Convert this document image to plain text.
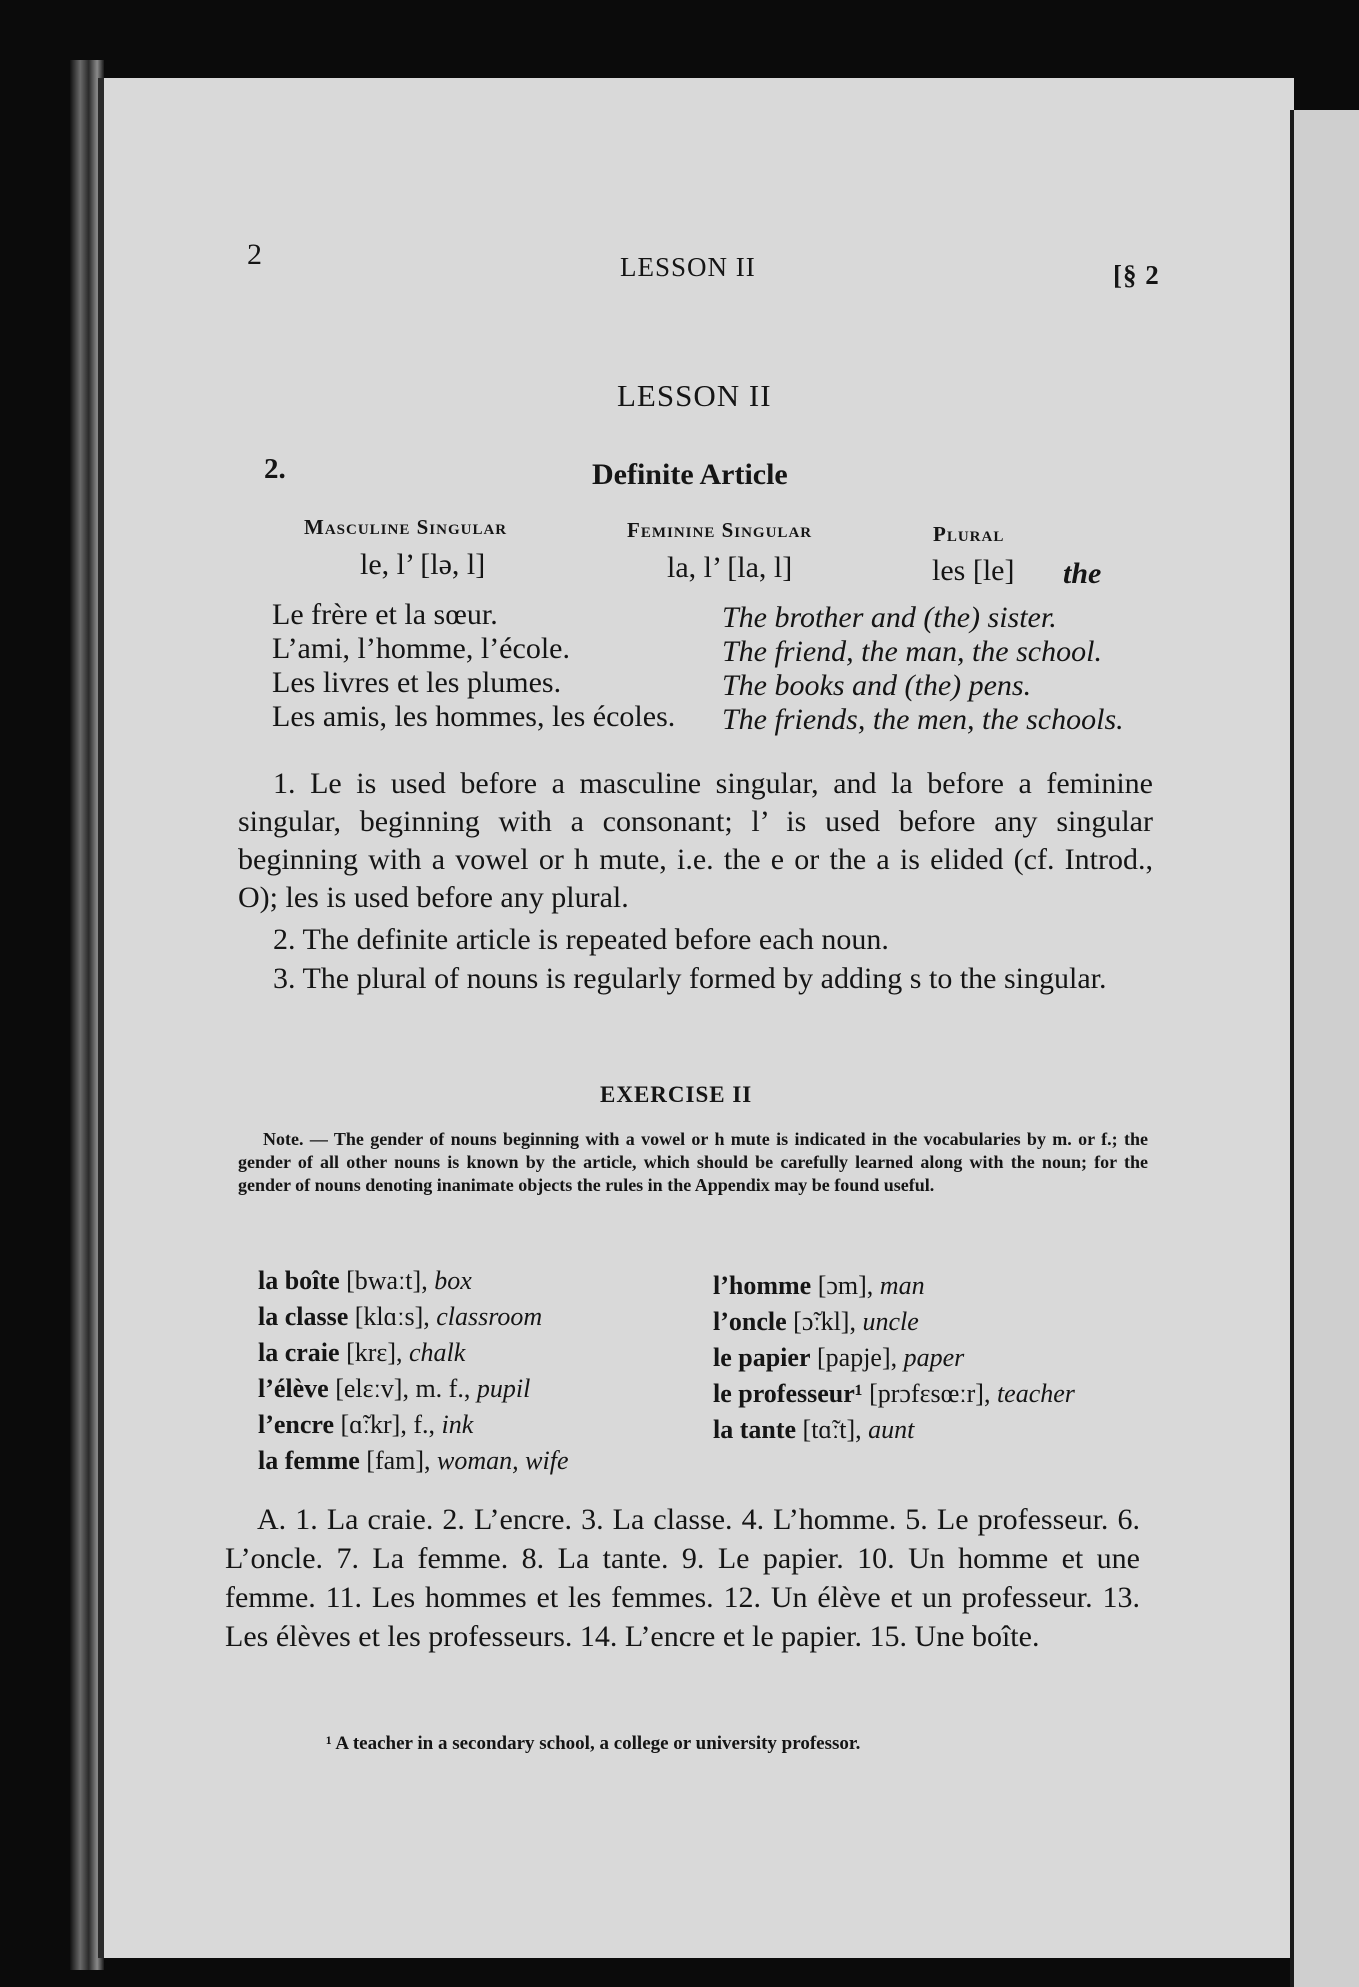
2	LESSON II	[§ 2
LESSON II
2.	Definite Article
Masculine Singular	Feminine Singular	Plural
le, l’ [lə, l]	la, l’ [la, l]	les [le] the
Le frère et la sœur.	The brother and (the) sister.
L’ami, l’homme, l’école.	The friend, the man, the school.
Les livres et les plumes.	The books and (the) pens.
Les amis, les hommes, les écoles. The friends, the men, the schools.
1. Le is used before a masculine singular, and la before a feminine singular, beginning with a consonant; l’ is used before any singular beginning with a vowel or h mute, i.e. the e or the a is elided (cf. Introd., O); les is used before any plural.
2. The definite article is repeated before each noun.
3. The plural of nouns is regularly formed by adding s to the singular.
EXERCISE II
Note. — The gender of nouns beginning with a vowel or h mute is indicated in the vocabularies by m. or f.; the gender of all other nouns is known by the article, which should be carefully learned along with the noun; for the gender of nouns denoting inanimate objects the rules in the Appendix may be found useful.
la boîte [bwaːt], box
la classe [klɑːs], classroom
la craie [krɛ], chalk
l’élève [elɛːv], m. f., pupil
l’encre [ɑ̃ːkr], f., ink
la femme [fam], woman, wife
l’homme [ɔm], man
l’oncle [ɔ̃ːkl], uncle
le papier [papje], paper
le professeur¹ [prɔfɛsœːr], teacher
la tante [tɑ̃ːt], aunt
A. 1. La craie. 2. L’encre. 3. La classe. 4. L’homme. 5. Le professeur. 6. L’oncle. 7. La femme. 8. La tante. 9. Le papier. 10. Un homme et une femme. 11. Les hommes et les femmes. 12. Un élève et un professeur. 13. Les élèves et les professeurs. 14. L’encre et le papier. 15. Une boîte.
¹ A teacher in a secondary school, a college or university professor.
